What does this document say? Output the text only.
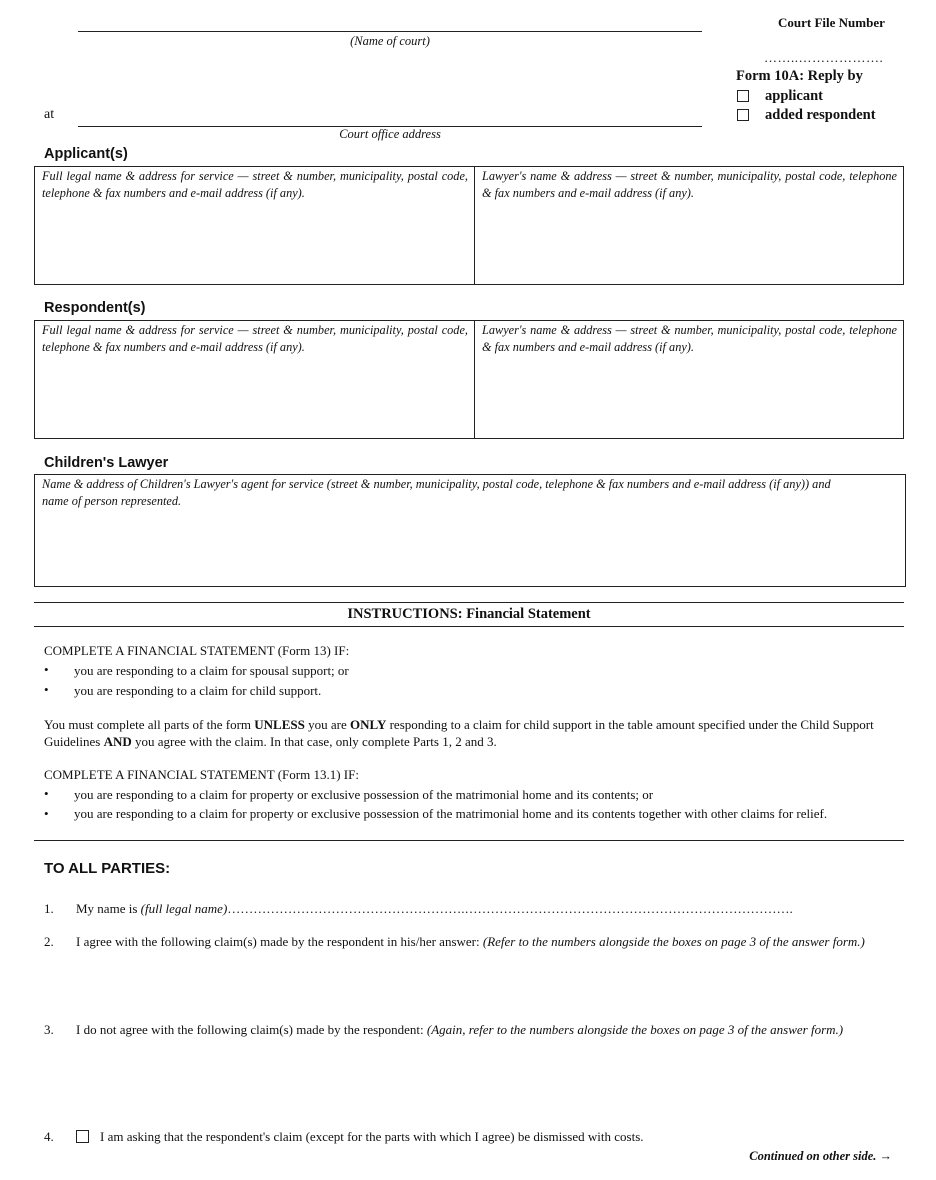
(Name of court)
Court File Number
……..……………….
Form 10A: Reply by
applicant
added respondent
at
Court office address
Applicant(s)
Full legal name & address for service — street & number, municipality, postal code, telephone & fax numbers and e-mail address (if any).
Lawyer's name & address — street & number, municipality, postal code, telephone & fax numbers and e-mail address (if any).
Respondent(s)
Full legal name & address for service — street & number, municipality, postal code, telephone & fax numbers and e-mail address (if any).
Lawyer's name & address — street & number, municipality, postal code, telephone & fax numbers and e-mail address (if any).
Children's Lawyer
Name & address of Children's Lawyer's agent for service (street & number, municipality, postal code, telephone & fax numbers and e-mail address (if any)) and name of person represented.
INSTRUCTIONS: Financial Statement
COMPLETE A FINANCIAL STATEMENT (Form 13) IF:
• you are responding to a claim for spousal support; or
• you are responding to a claim for child support.
You must complete all parts of the form UNLESS you are ONLY responding to a claim for child support in the table amount specified under the Child Support Guidelines AND you agree with the claim. In that case, only complete Parts 1, 2 and 3.
COMPLETE A FINANCIAL STATEMENT (Form 13.1) IF:
• you are responding to a claim for property or exclusive possession of the matrimonial home and its contents; or
• you are responding to a claim for property or exclusive possession of the matrimonial home and its contents together with other claims for relief.
TO ALL PARTIES:
1. My name is (full legal name)……………………………………………….………………………………………………………………….
2. I agree with the following claim(s) made by the respondent in his/her answer: (Refer to the numbers alongside the boxes on page 3 of the answer form.)
3. I do not agree with the following claim(s) made by the respondent: (Again, refer to the numbers alongside the boxes on page 3 of the answer form.)
4.	I am asking that the respondent's claim (except for the parts with which I agree) be dismissed with costs.
Continued on other side. →
